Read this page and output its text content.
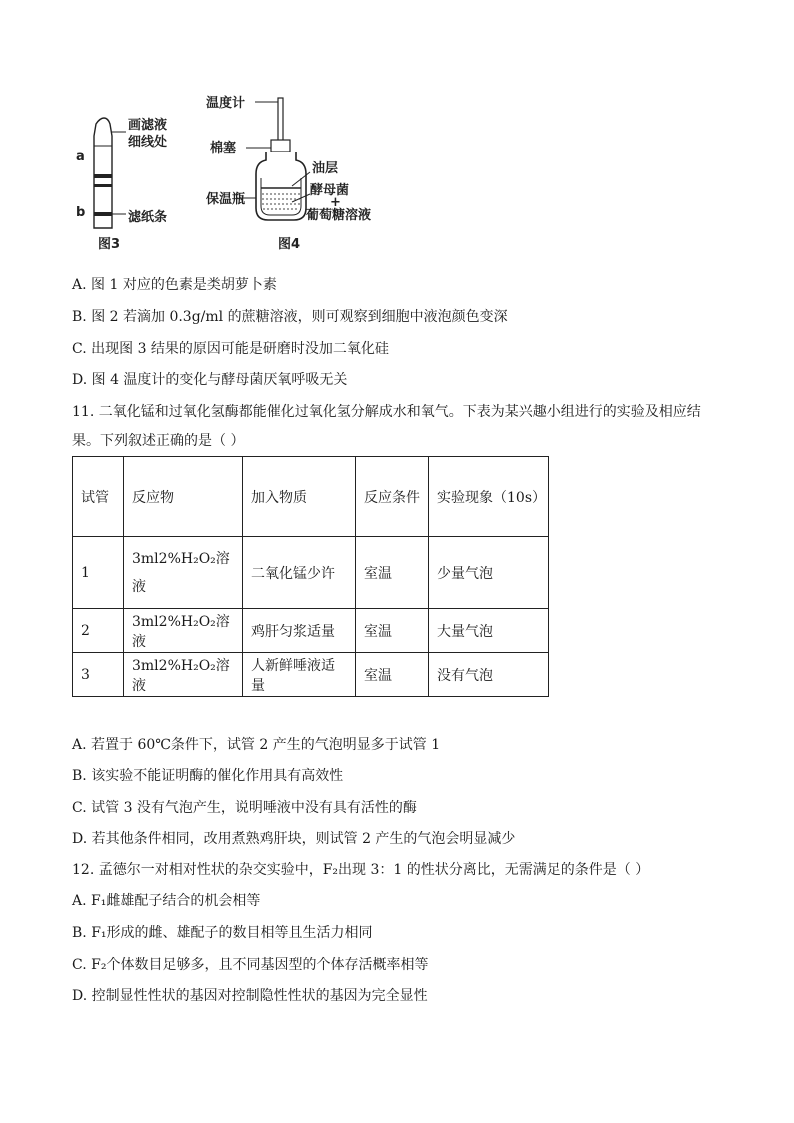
a
b
画滤液
细线处
滤纸条
图3
温度计
棉塞
油层
酵母菌
+
葡萄糖溶液
保温瓶
图4
A. 图 1 对应的色素是类胡萝卜素
B. 图 2 若滴加 0.3g/ml 的蔗糖溶液，则可观察到细胞中液泡颜色变深
C. 出现图 3 结果的原因可能是研磨时没加二氧化硅
D. 图 4 温度计的变化与酵母菌厌氧呼吸无关
11. 二氧化锰和过氧化氢酶都能催化过氧化氢分解成水和氧气。下表为某兴趣小组进行的实验及相应结
果。下列叙述正确的是（ ）
试管	反应物	加入物质	反应条件	实验现象（10s）
1	3ml2%H₂O₂溶液	二氧化锰少许	室温	少量气泡
2	3ml2%H₂O₂溶液	鸡肝匀浆适量	室温	大量气泡
3	3ml2%H₂O₂溶液	人新鲜唾液适量	室温	没有气泡
A. 若置于 60℃条件下，试管 2 产生的气泡明显多于试管 1
B. 该实验不能证明酶的催化作用具有高效性
C. 试管 3 没有气泡产生，说明唾液中没有具有活性的酶
D. 若其他条件相同，改用煮熟鸡肝块，则试管 2 产生的气泡会明显减少
12. 孟德尔一对相对性状的杂交实验中，F₂出现 3：1 的性状分离比，无需满足的条件是（ ）
A. F₁雌雄配子结合的机会相等
B. F₁形成的雌、雄配子的数目相等且生活力相同
C. F₂个体数目足够多，且不同基因型的个体存活概率相等
D. 控制显性性状的基因对控制隐性性状的基因为完全显性
